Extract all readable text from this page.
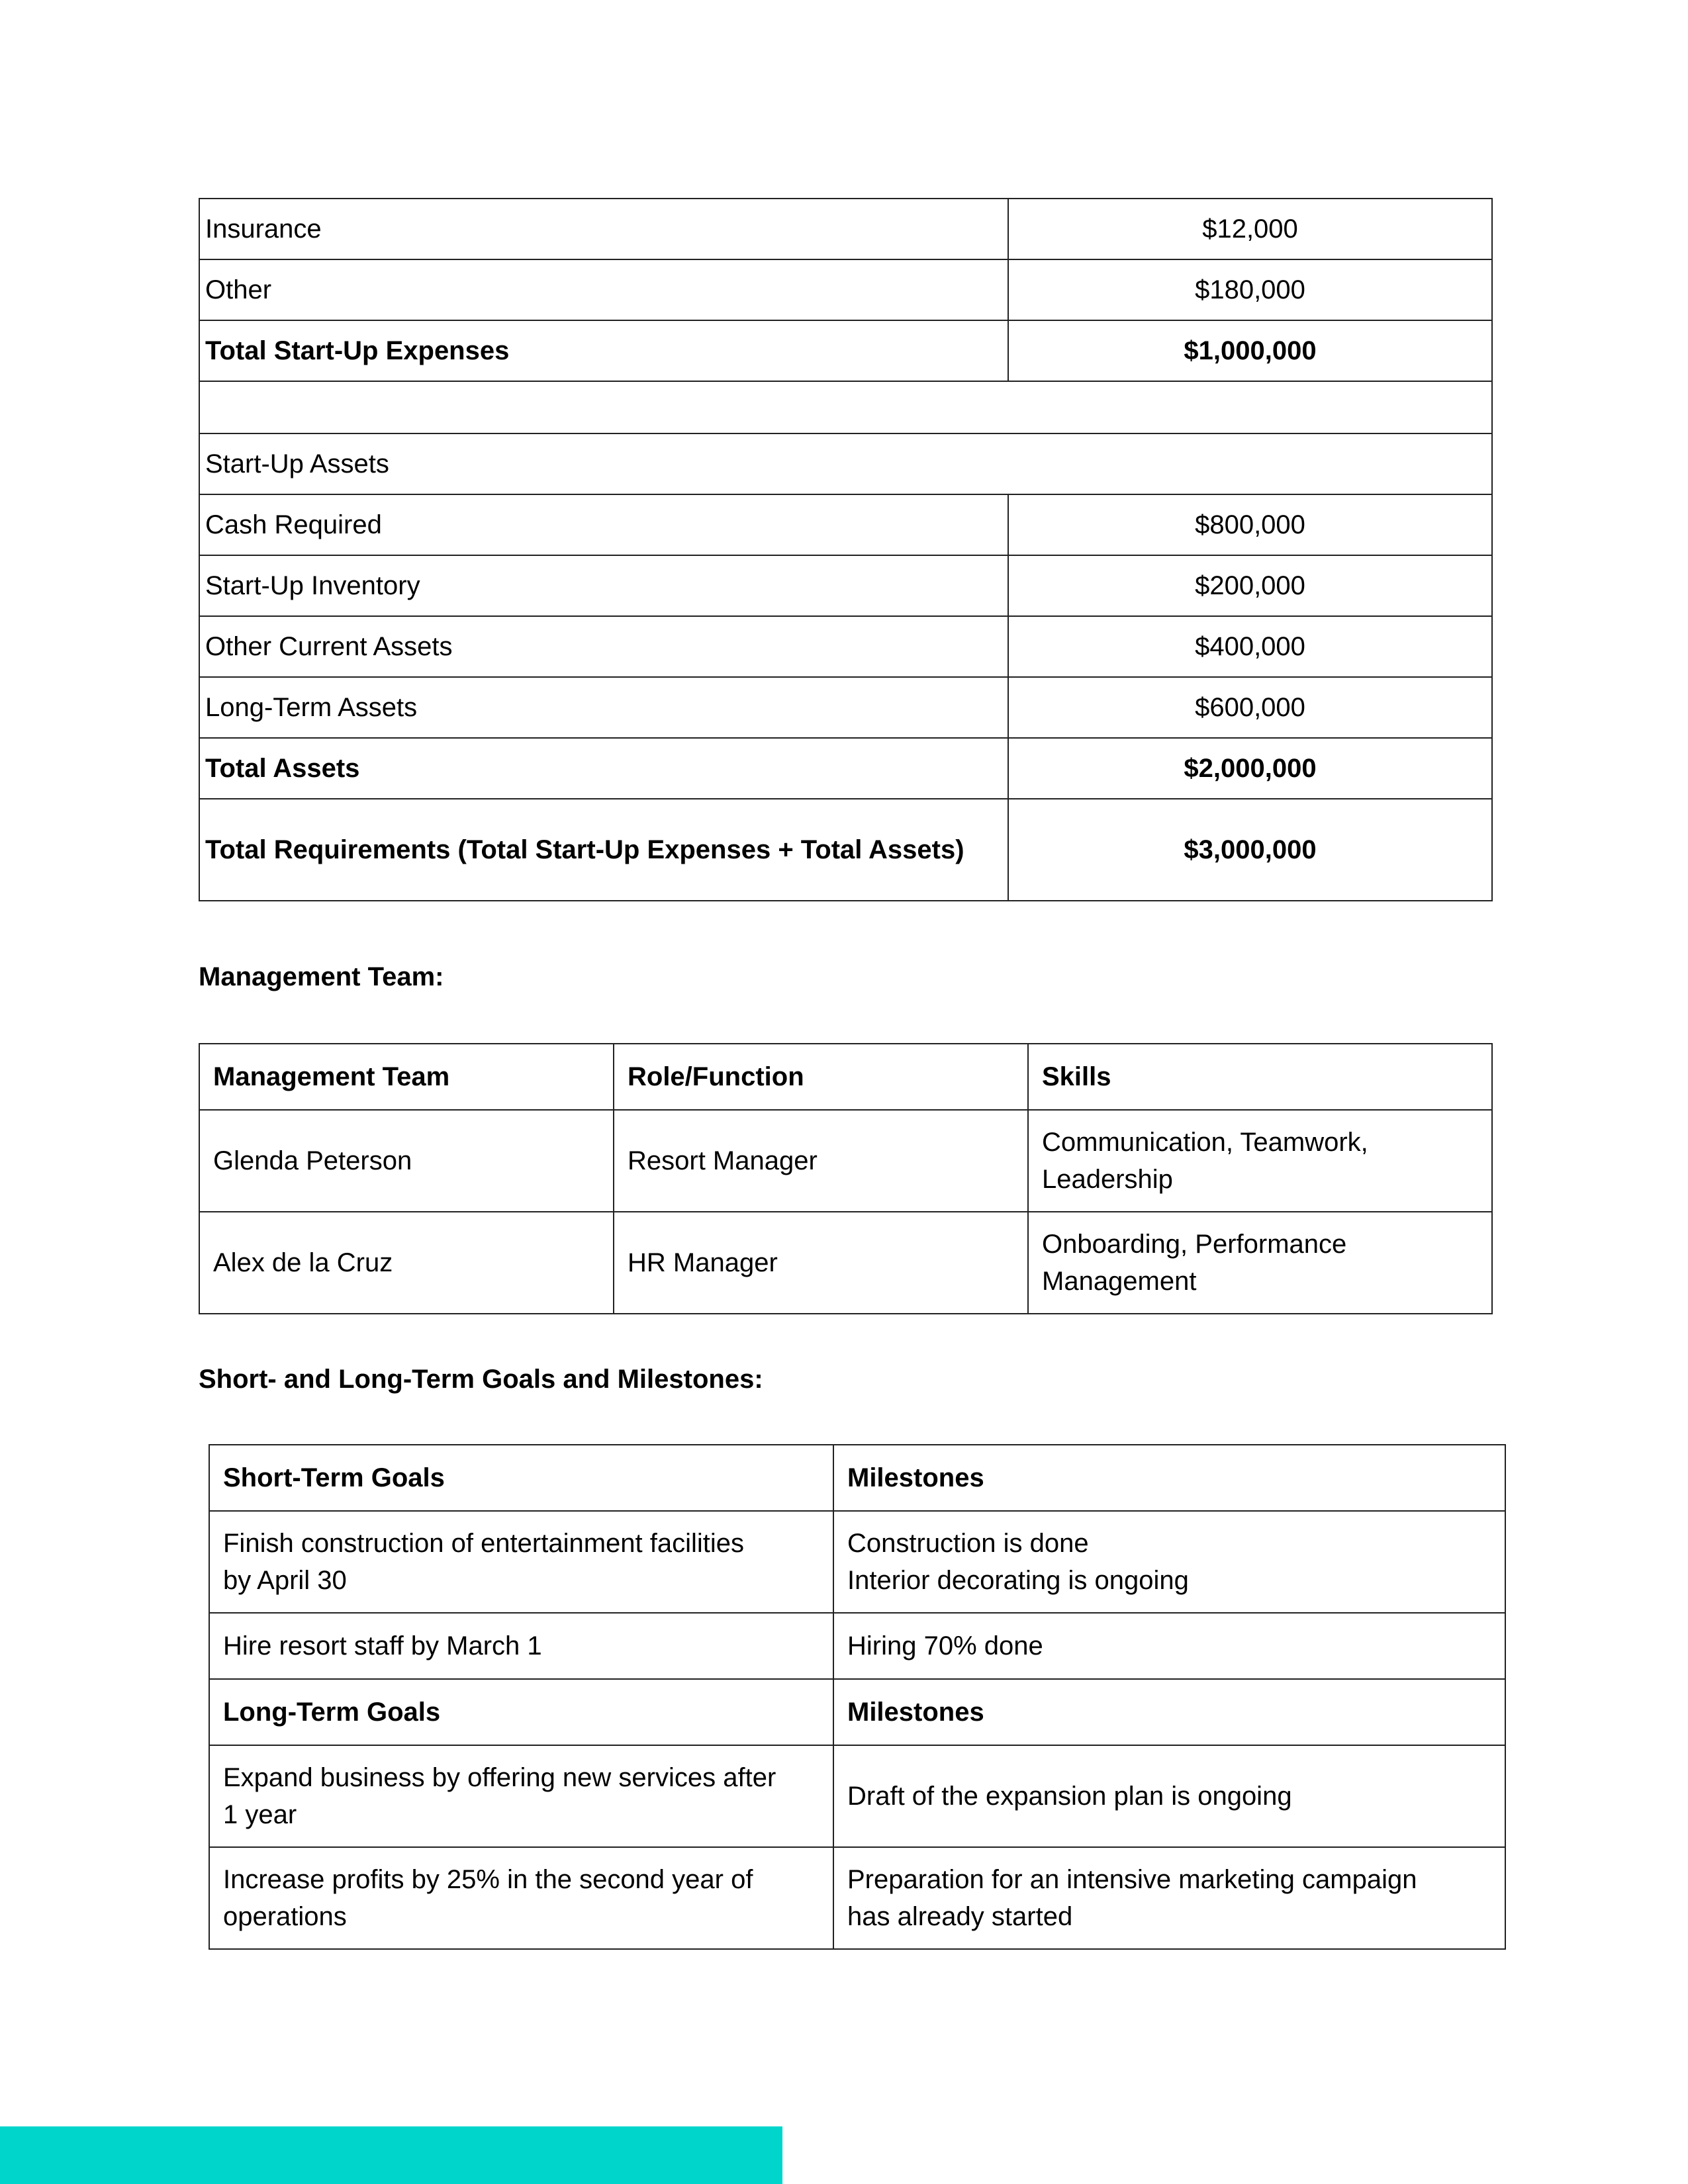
Insurance	$12,000
Other	$180,000
Total Start-Up Expenses	$1,000,000

Start-Up Assets	
Cash Required	$800,000
Start-Up Inventory	$200,000
Other Current Assets	$400,000
Long-Term Assets	$600,000
Total Assets	$2,000,000
Total Requirements (Total Start-Up Expenses + Total Assets)	$3,000,000

Management Team:

Management Team	Role/Function	Skills
Glenda Peterson	Resort Manager	Communication, Teamwork,
Leadership
Alex de la Cruz	HR Manager	Onboarding, Performance
Management

Short- and Long-Term Goals and Milestones:

Short-Term Goals	Milestones
Finish construction of entertainment facilities
by April 30	Construction is done
Interior decorating is ongoing
Hire resort staff by March 1	Hiring 70% done
Long-Term Goals	Milestones
Expand business by offering new services after
1 year	Draft of the expansion plan is ongoing
Increase profits by 25% in the second year of
operations	Preparation for an intensive marketing campaign
has already started
